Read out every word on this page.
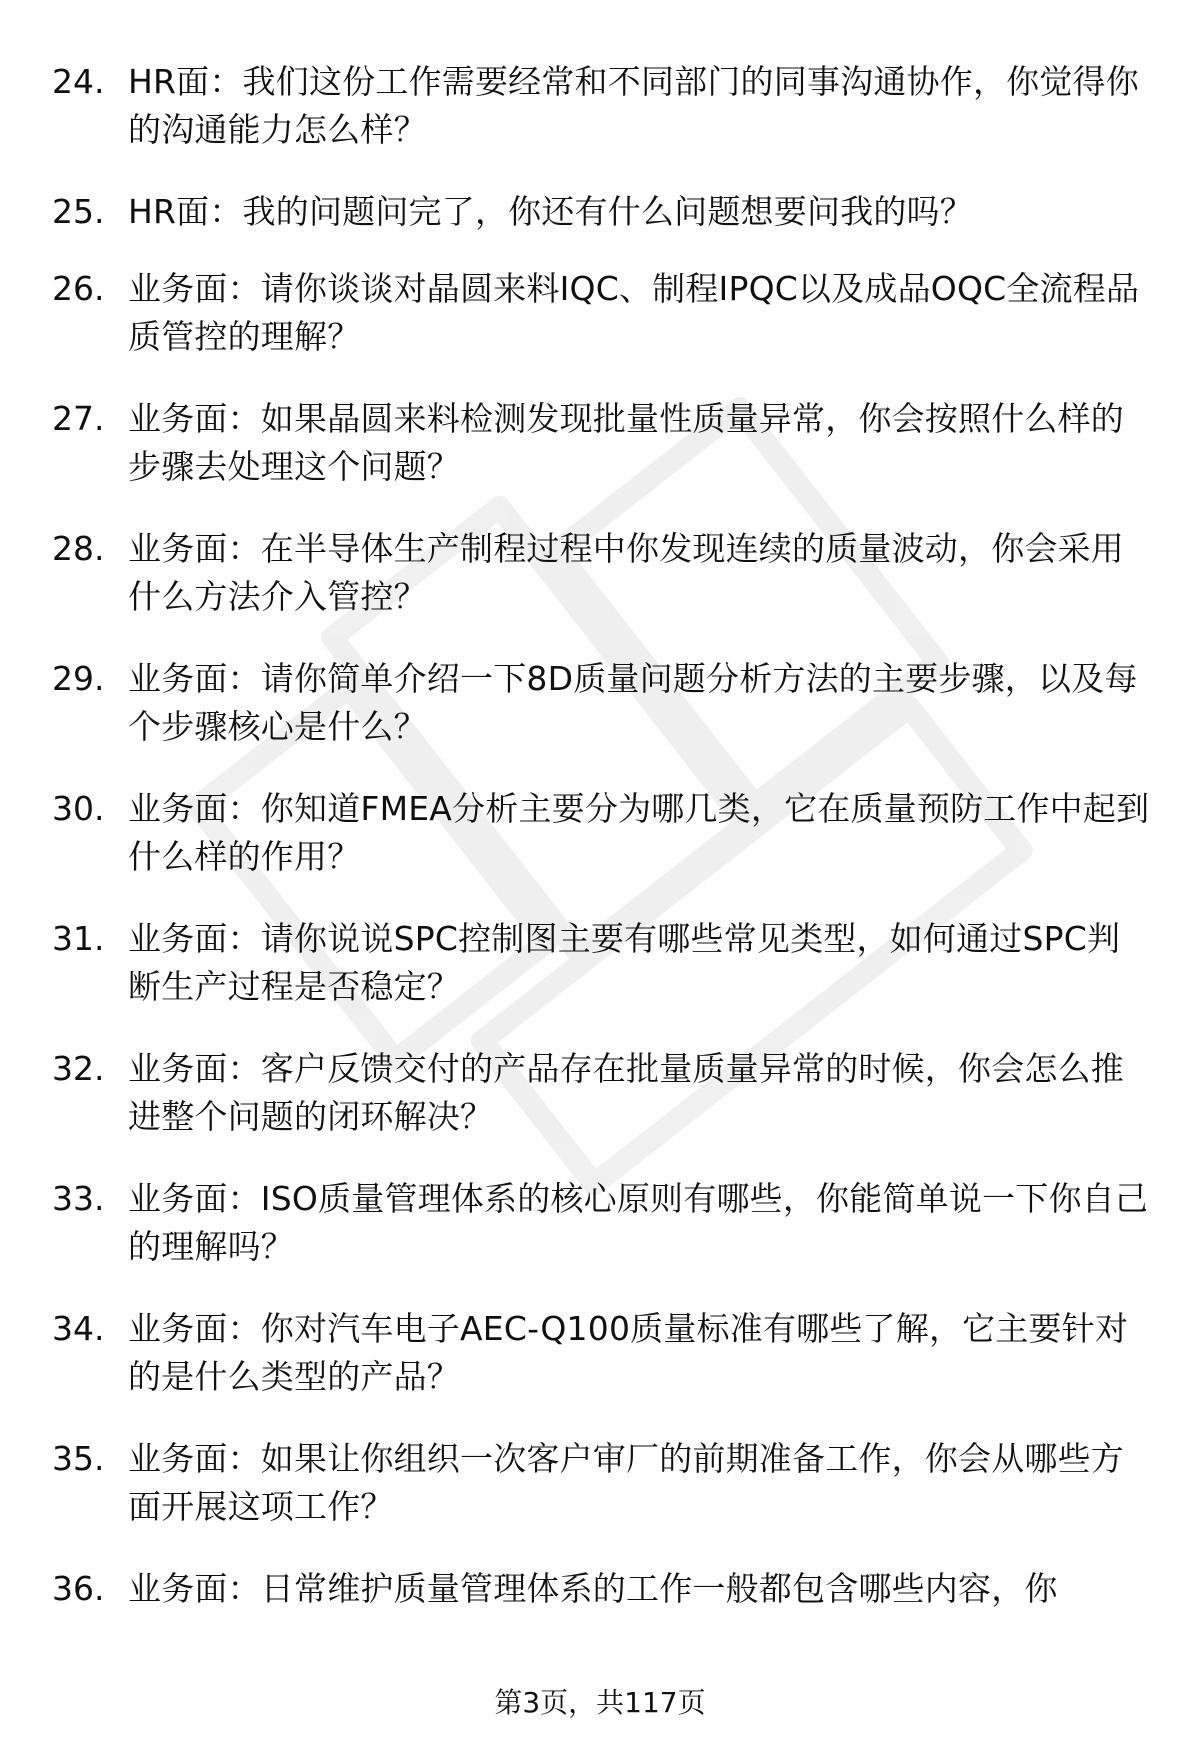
24. HR面：我们这份工作需要经常和不同部门的同事沟通协作，你觉得你的沟通能力怎么样？
25. HR面：我的问题问完了，你还有什么问题想要问我的吗？
26. 业务面：请你谈谈对晶圆来料IQC、制程IPQC以及成品OQC全流程品质管控的理解？
27. 业务面：如果晶圆来料检测发现批量性质量异常，你会按照什么样的步骤去处理这个问题？
28. 业务面：在半导体生产制程过程中你发现连续的质量波动，你会采用什么方法介入管控？
29. 业务面：请你简单介绍一下8D质量问题分析方法的主要步骤，以及每个步骤核心是什么？
30. 业务面：你知道FMEA分析主要分为哪几类，它在质量预防工作中起到什么样的作用？
31. 业务面：请你说说SPC控制图主要有哪些常见类型，如何通过SPC判断生产过程是否稳定？
32. 业务面：客户反馈交付的产品存在批量质量异常的时候，你会怎么推进整个问题的闭环解决？
33. 业务面：ISO质量管理体系的核心原则有哪些，你能简单说一下你自己的理解吗？
34. 业务面：你对汽车电子AEC-Q100质量标准有哪些了解，它主要针对的是什么类型的产品？
35. 业务面：如果让你组织一次客户审厂的前期准备工作，你会从哪些方面开展这项工作？
36. 业务面：日常维护质量管理体系的工作一般都包含哪些内容，你
第3页，共117页
